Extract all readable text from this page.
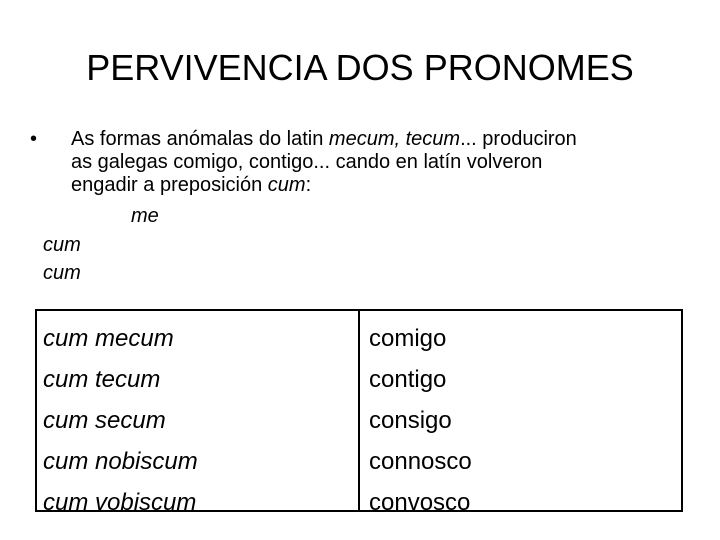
PERVIVENCIA DOS PRONOMES
•	As formas anómalas do latin mecum, tecum... produciron
as galegas comigo, contigo... cando en latín volveron
engadir a preposición cum:
me
cum
cum
cum mecum
cum tecum
cum secum
cum nobiscum
cum vobiscum
comigo
contigo
consigo
connosco
convosco
